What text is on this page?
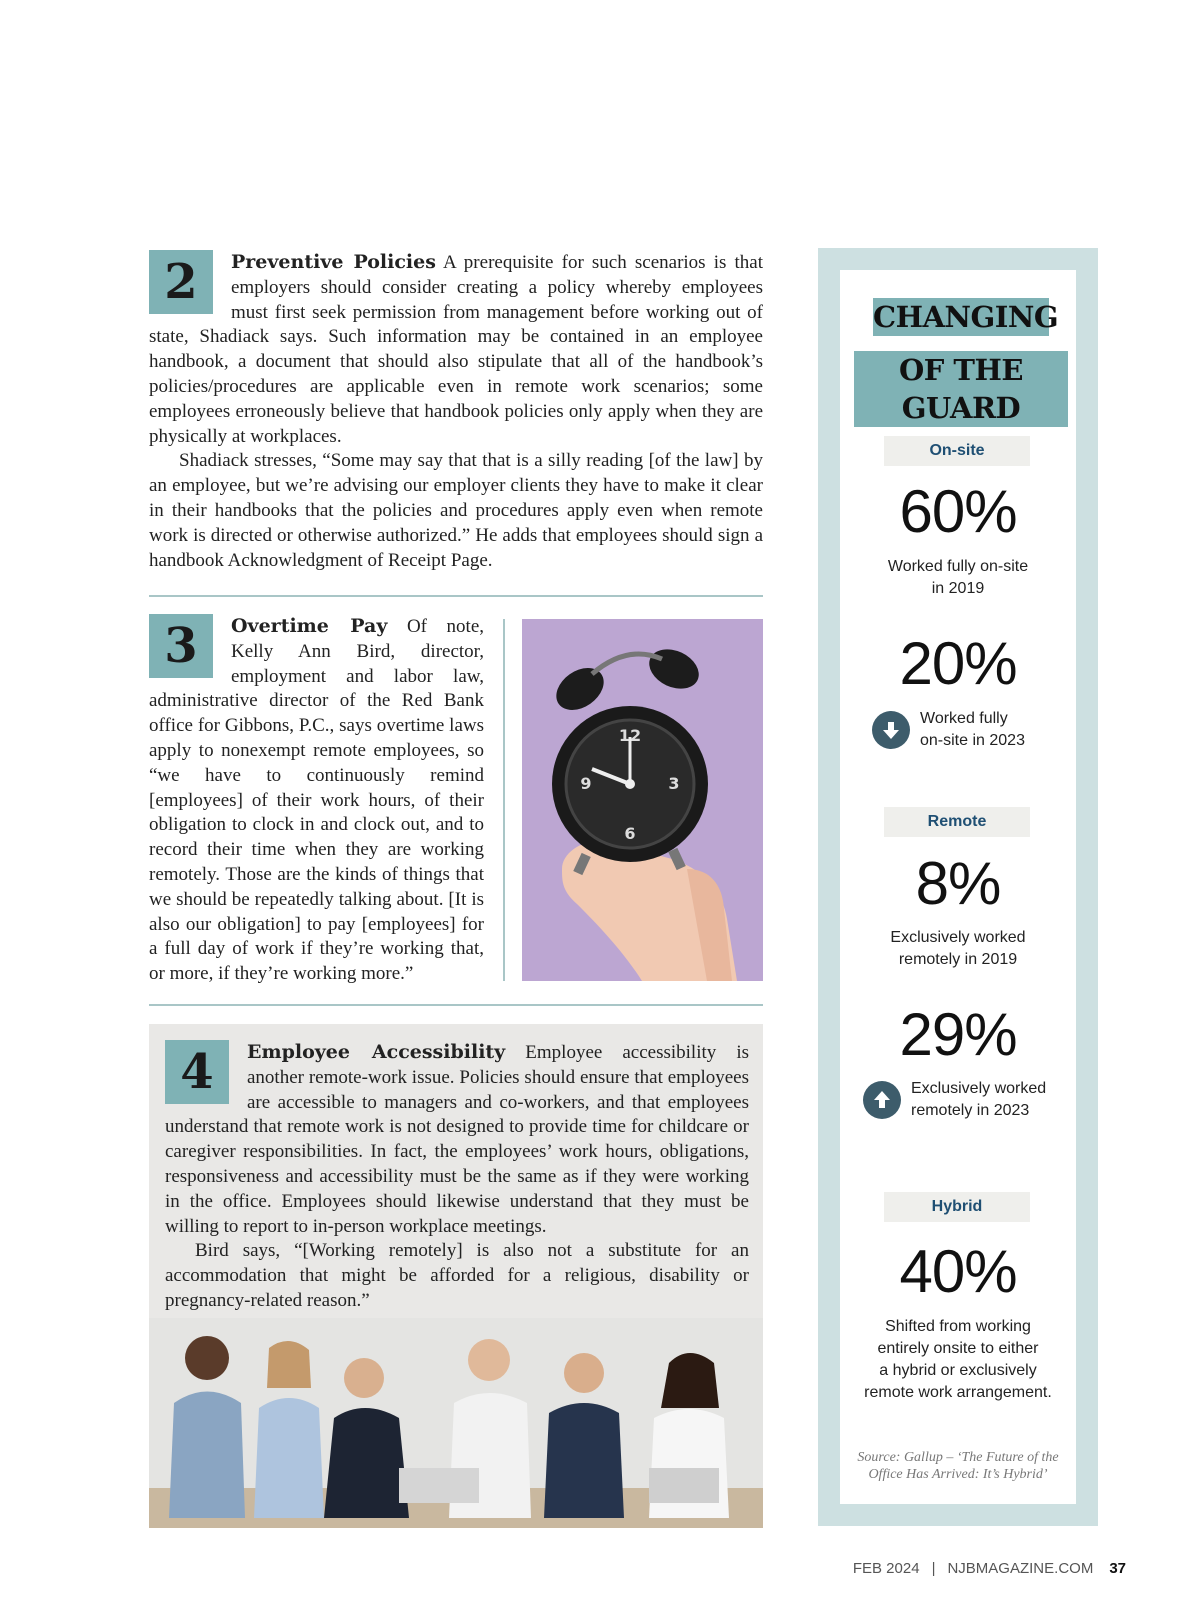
2	Preventive Policies A prerequisite for such scenarios is that employers should consider creating a policy whereby employees must first seek permission from management before working out of state, Shadiack says. Such information may be contained in an employee handbook, a document that should also stipulate that all of the handbook’s policies/procedures are applicable even in remote work scenarios; some employees erroneously believe that handbook policies only apply when they are physically at workplaces.

Shadiack stresses, “Some may say that that is a silly reading [of the law] by an employee, but we’re advising our employer clients they have to make it clear in their handbooks that the policies and procedures apply even when remote work is directed or otherwise authorized.” He adds that employees should sign a handbook Acknowledgment of Receipt Page.

3	Overtime Pay Of note, Kelly Ann Bird, director, employment and labor law, administrative director of the Red Bank office for Gibbons, P.C., says overtime laws apply to nonexempt remote employees, so “we have to continuously remind [employees] of their work hours, of their obligation to clock in and clock out, and to record their time when they are working remotely. Those are the kinds of things that we should be repeatedly talking about. [It is also our obligation] to pay [employees] for a full day of work if they’re working that, or more, if they’re working more.”

12
3
6
9
4	Employee Accessibility Employee accessibility is another remote-work issue. Policies should ensure that employees are accessible to managers and co-workers, and that employees understand that remote work is not designed to provide time for childcare or caregiver responsibilities. In fact, the employees’ work hours, obligations, responsiveness and accessibility must be the same as if they were working in the office. Employees should likewise understand that they must be willing to report to in-person workplace meetings.

Bird says, “[Working remotely] is also not a substitute for an accommodation that might be afforded for a religious, disability or pregnancy-related reason.”

CHANGING
OF THE GUARD
On-site
60%
Worked fully on-site
in 2019
20%
Worked fully
on-site in 2023
Remote
8%
Exclusively worked
remotely in 2019
29%
Exclusively worked
remotely in 2023
Hybrid
40%
Shifted from working
entirely onsite to either
a hybrid or exclusively
remote work arrangement.
Source: Gallup – ‘The Future of the
Office Has Arrived: It’s Hybrid’
FEB 2024 | NJBMAGAZINE.COM 37
